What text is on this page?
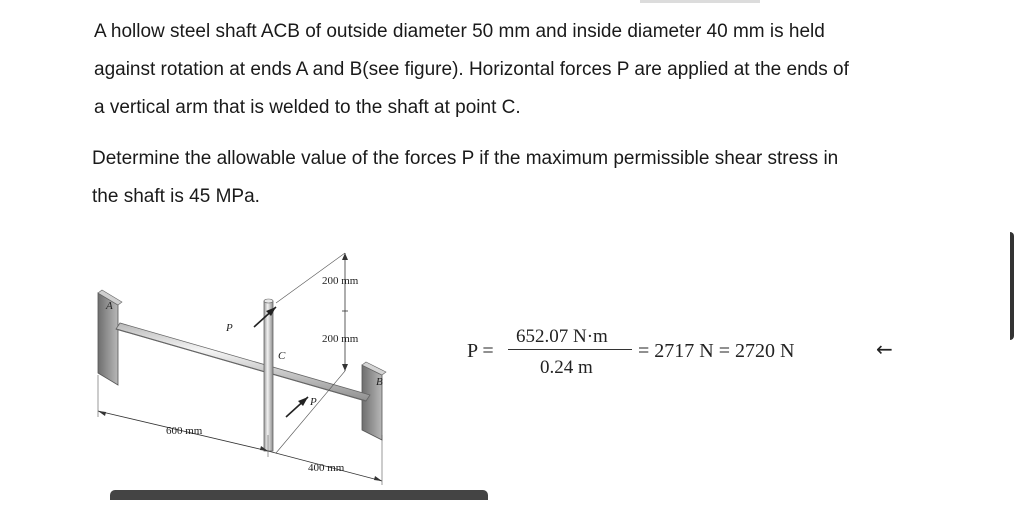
A hollow steel shaft ACB of outside diameter 50 mm and inside diameter 40 mm is held against rotation at ends A and B(see figure). Horizontal forces P are applied at the ends of a vertical arm that is welded to the shaft at point C.

Determine the allowable value of the forces P if the maximum permissible shear stress in the shaft is 45 MPa.

A
B
C
P
P
200 mm
200 mm
600 mm
400 mm
P =
652.07 N·m
0.24 m
= 2717 N = 2720 N	←
